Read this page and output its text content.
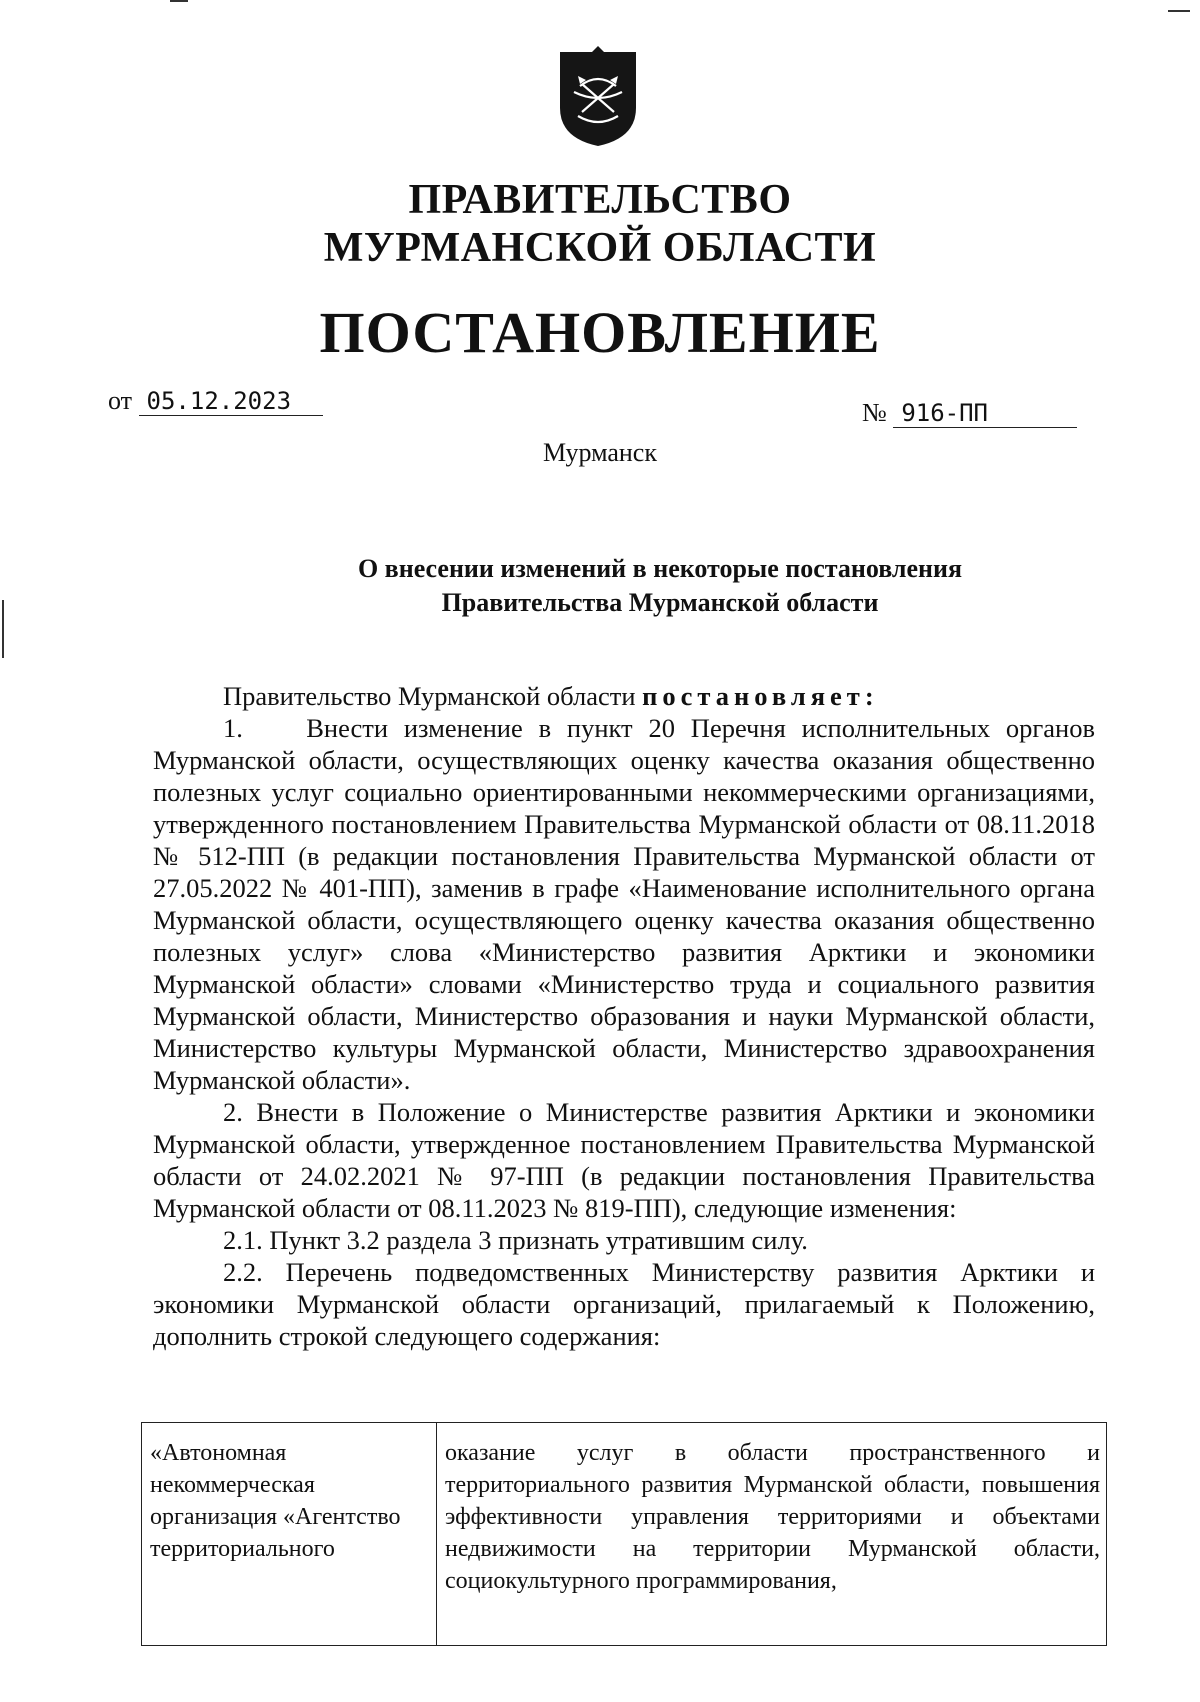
ПРАВИТЕЛЬСТВО
МУРМАНСКОЙ ОБЛАСТИ
ПОСТАНОВЛЕНИЕ
от 05.12.2023	№ 916-ПП
Мурманск
О внесении изменений в некоторые постановления
Правительства Мурманской области

Правительство Мурманской области постановляет:

1.    Внести изменение в пункт 20 Перечня исполнительных органов Мурманской области, осуществляющих оценку качества оказания общественно полезных услуг социально ориентированными некоммерческими организациями, утвержденного постановлением Правительства Мурманской области от 08.11.2018 № 512-ПП (в редакции постановления Правительства Мурманской области от 27.05.2022 № 401-ПП), заменив в графе «Наименование исполнительного органа Мурманской области, осуществляющего оценку качества оказания общественно полезных услуг» слова «Министерство развития Арктики и экономики Мурманской области» словами «Министерство труда и социального развития Мурманской области, Министерство образования и науки Мурманской области, Министерство культуры Мурманской области, Министерство здравоохранения Мурманской области».

2. Внести в Положение о Министерстве развития Арктики и экономики Мурманской области, утвержденное постановлением Правительства Мурманской области от 24.02.2021 № 97-ПП (в редакции постановления Правительства Мурманской области от 08.11.2023 № 819-ПП), следующие изменения:

2.1. Пункт 3.2 раздела 3 признать утратившим силу.

2.2. Перечень подведомственных Министерству развития Арктики и экономики Мурманской области организаций, прилагаемый к Положению, дополнить строкой следующего содержания:

«Автономная некоммерческая организация «Агентство территориального	оказание услуг в области пространственного и территориального развития Мурманской области, повышения эффективности управления территориями и объектами недвижимости на территории Мурманской области, социокультурного программирования,
